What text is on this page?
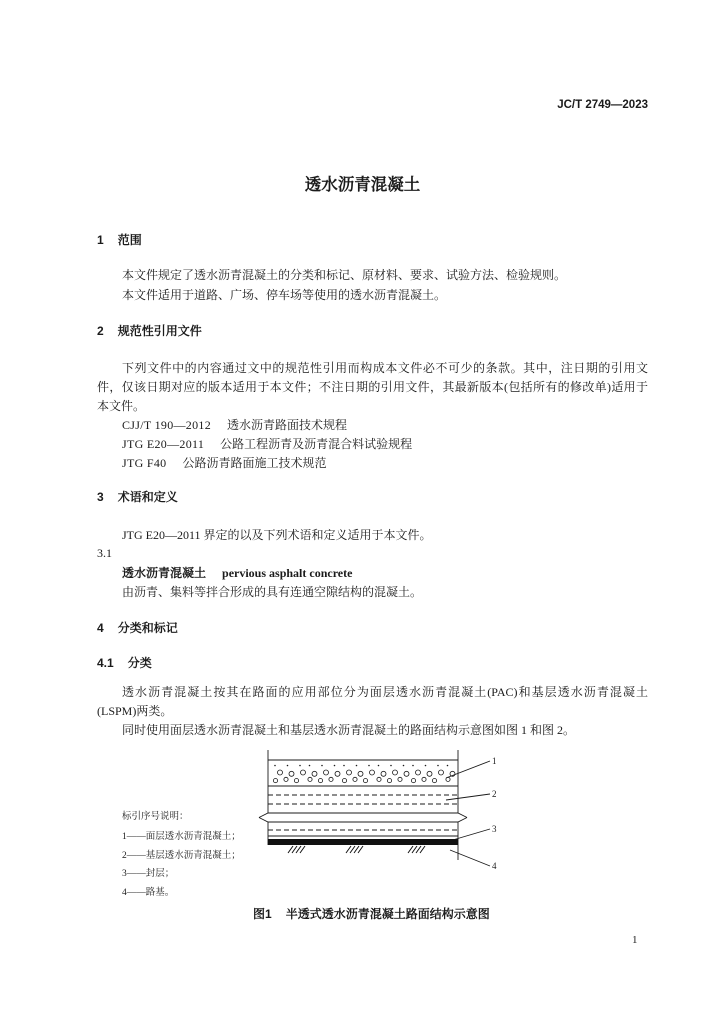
JC/T 2749—2023
透水沥青混凝土
1 范围
本文件规定了透水沥青混凝土的分类和标记、原材料、要求、试验方法、检验规则。
本文件适用于道路、广场、停车场等使用的透水沥青混凝土。
2 规范性引用文件
下列文件中的内容通过文中的规范性引用而构成本文件必不可少的条款。其中，注日期的引用文
件，仅该日期对应的版本适用于本文件；不注日期的引用文件，其最新版本(包括所有的修改单)适用于
本文件。
CJJ/T 190—2012 透水沥青路面技术规程
JTG E20—2011 公路工程沥青及沥青混合料试验规程
JTG F40 公路沥青路面施工技术规范
3 术语和定义
JTG E20—2011 界定的以及下列术语和定义适用于本文件。
3.1
透水沥青混凝土 pervious asphalt concrete
由沥青、集料等拌合形成的具有连通空隙结构的混凝土。
4 分类和标记
4.1 分类
透水沥青混凝土按其在路面的应用部位分为面层透水沥青混凝土(PAC)和基层透水沥青混凝土
(LSPM)两类。
同时使用面层透水沥青混凝土和基层透水沥青混凝土的路面结构示意图如图 1 和图 2。
标引序号说明：
1——面层透水沥青混凝土；
2——基层透水沥青混凝土；
3——封层；
4——路基。
1
2
3
4
图1 半透式透水沥青混凝土路面结构示意图
1
